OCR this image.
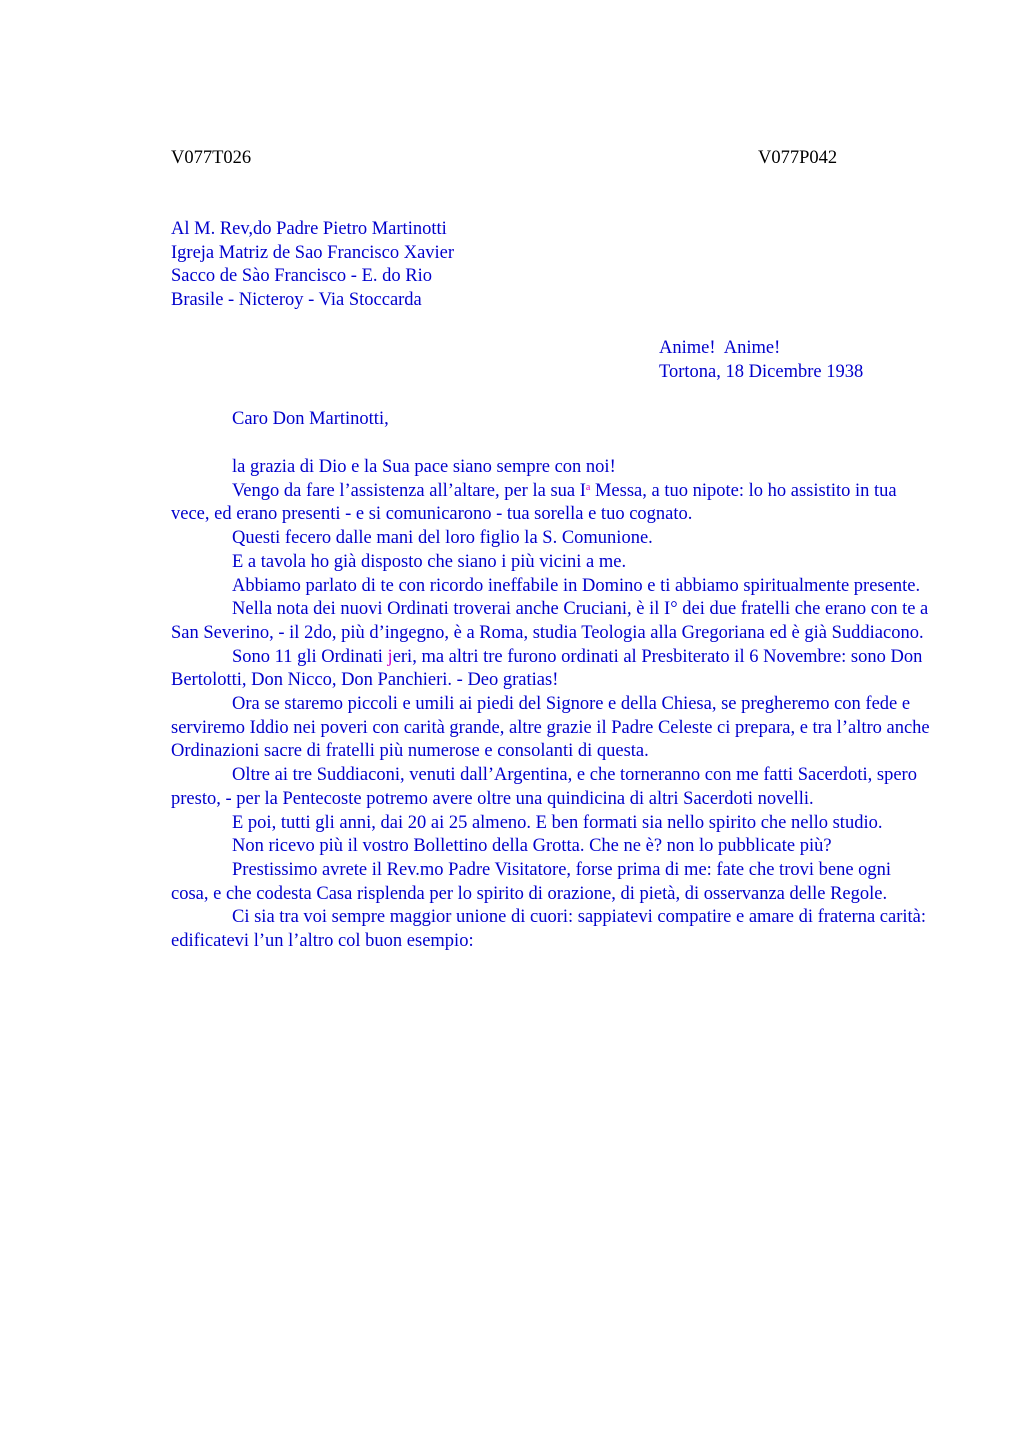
V077T026	V077P042
Al M. Rev,do Padre Pietro Martinotti
Igreja Matriz de Sao Francisco Xavier
Sacco de Sào Francisco - E. do Rio
Brasile - Nicteroy - Via Stoccarda
Anime!  Anime!
Tortona, 18 Dicembre 1938
Caro Don Martinotti,

la grazia di Dio e la Sua pace siano sempre con noi!

Vengo da fare l’assistenza all’altare, per la sua $I^a$ Messa, a tuo nipote: lo ho assistito in tua vece, ed erano presenti - e si comunicarono - tua sorella e tuo cognato.

Questi fecero dalle mani del loro figlio la S. Comunione.

E a tavola ho già disposto che siano i più vicini a me.

Abbiamo parlato di te con ricordo ineffabile in Domino e ti abbiamo spiritualmente presente.

Nella nota dei nuovi Ordinati troverai anche Cruciani, è il I° dei due fratelli che erano con te a San Severino, - il 2do, più d’ingegno, è a Roma, studia Teologia alla Gregoriana ed è già Suddiacono.

Sono 11 gli Ordinati jeri, ma altri tre furono ordinati al Presbiterato il 6 Novembre: sono Don Bertolotti, Don Nicco, Don Panchieri. - Deo gratias!

Ora se staremo piccoli e umili ai piedi del Signore e della Chiesa, se pregheremo con fede e serviremo Iddio nei poveri con carità grande, altre grazie il Padre Celeste ci prepara, e tra l’altro anche Ordinazioni sacre di fratelli più numerose e consolanti di questa.

Oltre ai tre Suddiaconi, venuti dall’Argentina, e che torneranno con me fatti Sacerdoti, spero presto, - per la Pentecoste potremo avere oltre una quindicina di altri Sacerdoti novelli.

E poi, tutti gli anni, dai 20 ai 25 almeno. E ben formati sia nello spirito che nello studio.

Non ricevo più il vostro Bollettino della Grotta. Che ne è? non lo pubblicate più?

Prestissimo avrete il Rev.mo Padre Visitatore, forse prima di me: fate che trovi bene ogni cosa, e che codesta Casa risplenda per lo spirito di orazione, di pietà, di osservanza delle Regole.

Ci sia tra voi sempre maggior unione di cuori: sappiatevi compatire e amare di fraterna carità: edificatevi l’un l’altro col buon esempio:
